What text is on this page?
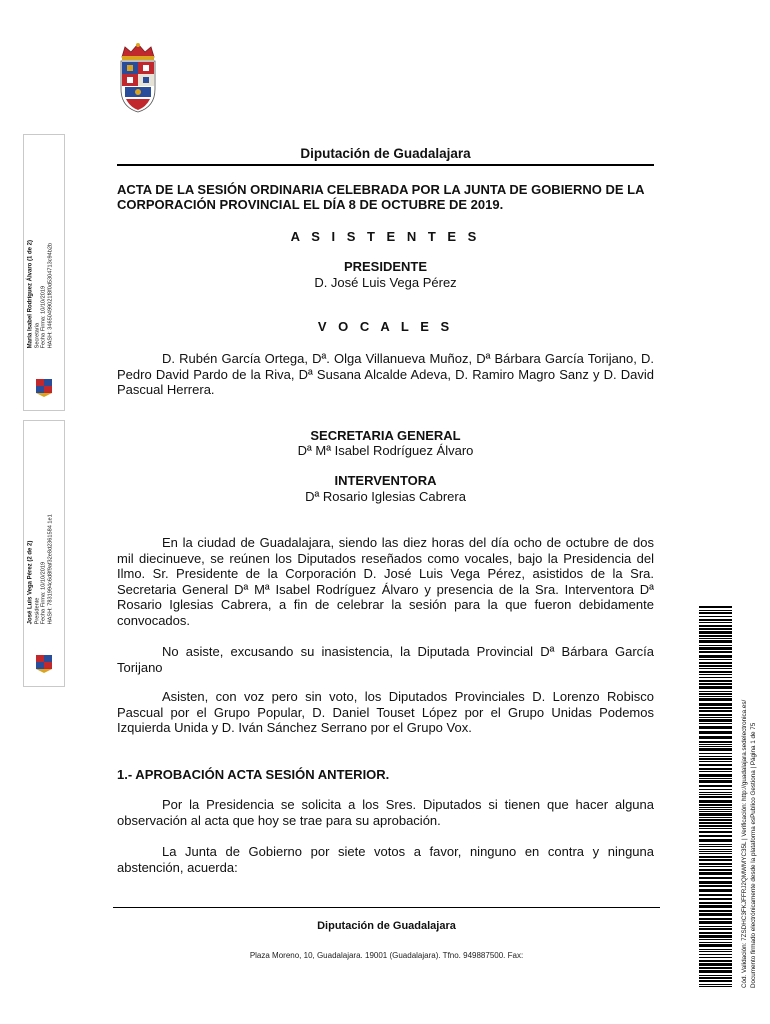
María Isabel Rodríguez Álvaro (1 de 2)
Secretaria
Fecha Firma: 10/10/2019
HASH: 34650499021f8f0d5304713c94b2b
José Luis Vega Pérez (2 de 2)
Presidente
Fecha Firma: 10/10/2019
HASH: 7831994c6d8f9af32e8d2361584 1e1
Diputación de Guadalajara
ACTA DE LA SESIÓN ORDINARIA CELEBRADA POR LA JUNTA DE GOBIERNO DE LA CORPORACIÓN PROVINCIAL EL DÍA 8 DE OCTUBRE DE 2019.
A S I S T E N T E S
PRESIDENTE
D. José Luis Vega Pérez
V O C A L E S
D. Rubén García Ortega, Dª. Olga Villanueva Muñoz, Dª Bárbara García Torijano, D. Pedro David Pardo de la Riva, Dª Susana Alcalde Adeva, D. Ramiro Magro Sanz y D. David Pascual Herrera.
SECRETARIA GENERAL
Dª Mª Isabel Rodríguez Álvaro
INTERVENTORA
Dª Rosario Iglesias Cabrera
En la ciudad de Guadalajara, siendo las diez horas del día ocho de octubre de dos mil diecinueve, se reúnen los Diputados reseñados como vocales, bajo la Presidencia del Ilmo. Sr. Presidente de la Corporación D. José Luis Vega Pérez, asistidos de la Sra. Secretaria General Dª Mª Isabel Rodríguez Álvaro y presencia de la Sra. Interventora Dª Rosario Iglesias Cabrera, a fin de celebrar la sesión para la que fueron debidamente convocados.
No asiste, excusando su inasistencia, la Diputada Provincial Dª Bárbara García Torijano
Asisten, con voz pero sin voto, los Diputados Provinciales D. Lorenzo Robisco Pascual por el Grupo Popular, D. Daniel Touset López por el Grupo Unidas Podemos Izquierda Unida y D. Iván Sánchez Serrano por el Grupo Vox.
1.- APROBACIÓN ACTA SESIÓN ANTERIOR.
Por la Presidencia se solicita a los Sres. Diputados si tienen que hacer alguna observación al acta que hoy se trae para su aprobación.
La Junta de Gobierno por siete votos a favor, ninguno en contra y ninguna abstención, acuerda:
Diputación de Guadalajara
Plaza Moreno, 10, Guadalajara. 19001 (Guadalajara). Tfno. 949887500. Fax:	Cód. Validación: 7ZSDHC3FKJFFRJ2QMWMYC35L | Verificación: http://guadalajara.sedelectronica.es/ Documento firmado electrónicamente desde la plataforma esPublico Gestiona | Página 1 de 75
